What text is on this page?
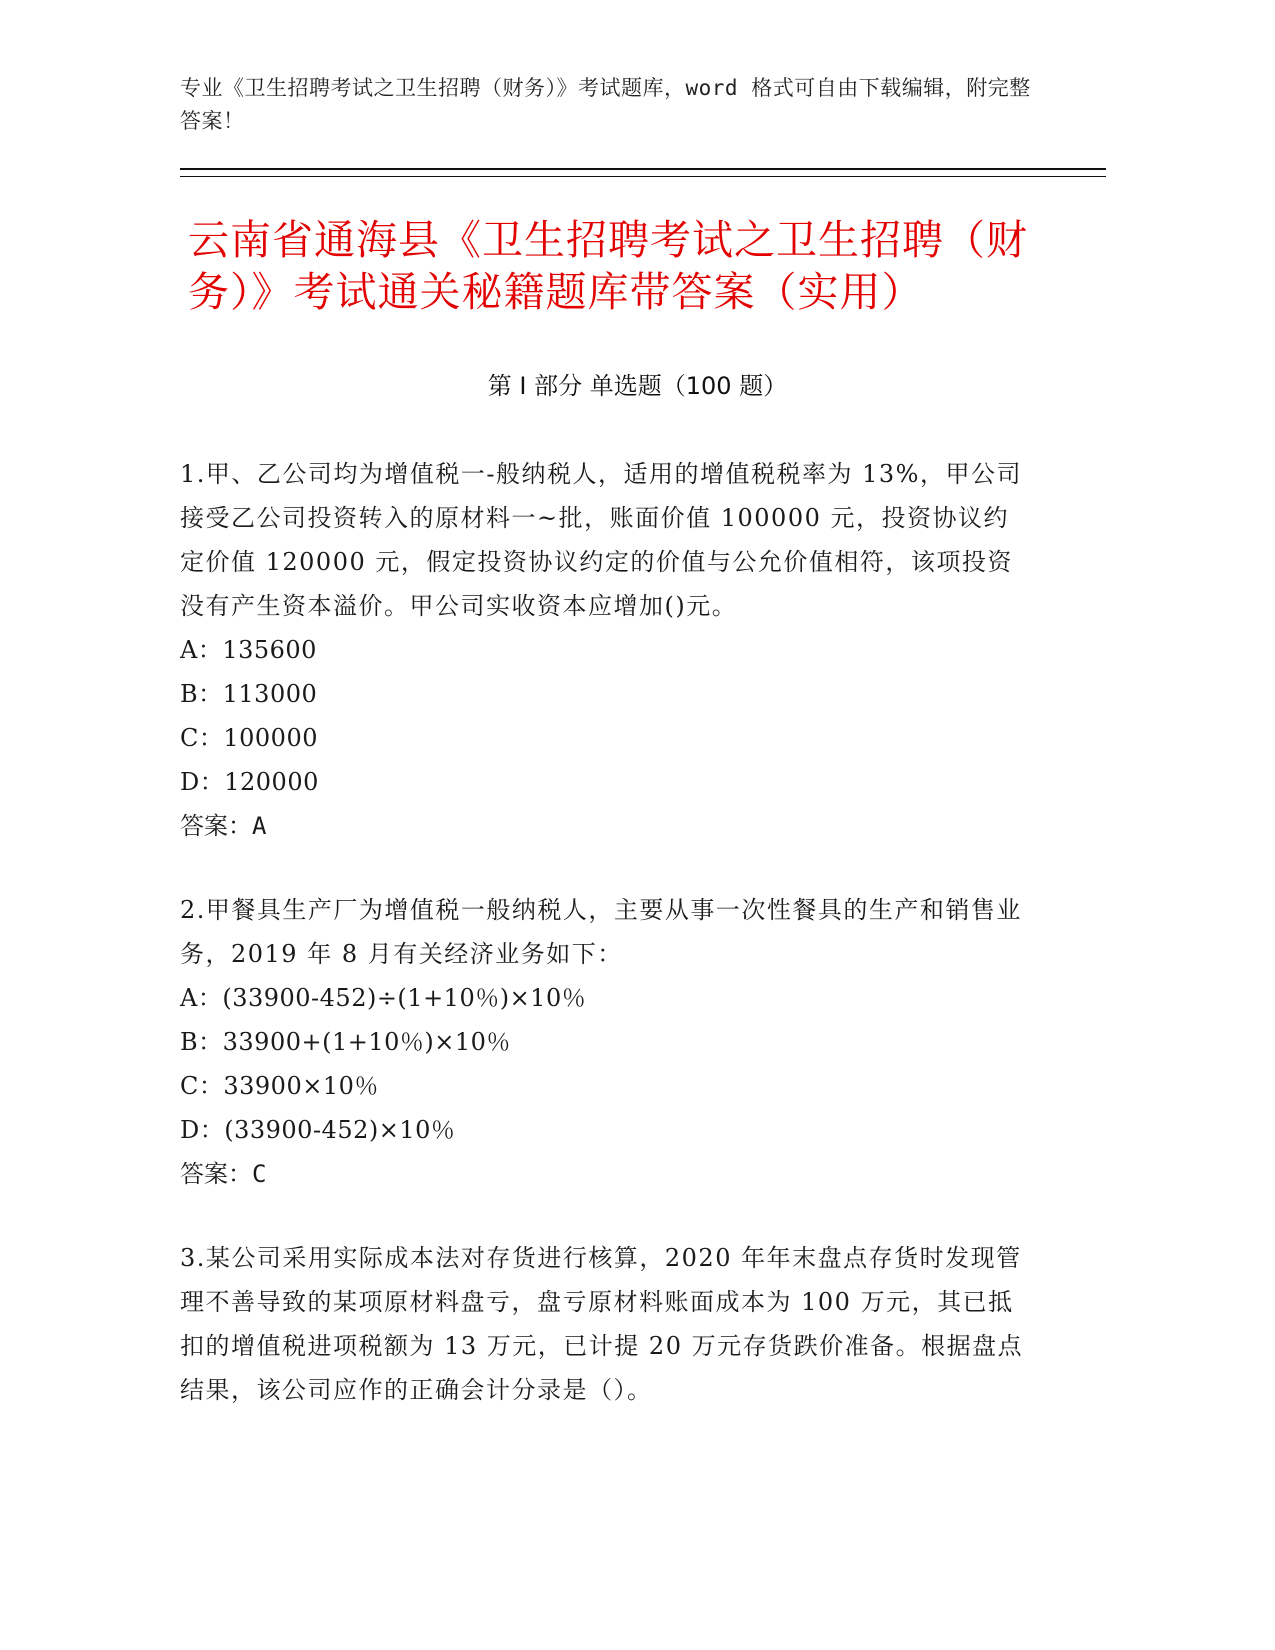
专业《卫生招聘考试之卫生招聘（财务）》考试题库，word 格式可自由下载编辑，附完整答案！
云南省通海县《卫生招聘考试之卫生招聘（财务）》考试通关秘籍题库带答案（实用）
第 I 部分 单选题（100 题）

1.甲、乙公司均为增值税一-般纳税人，适用的增值税税率为 13%，甲公司接受乙公司投资转入的原材料一~批，账面价值 100000 元，投资协议约定价值 120000 元，假定投资协议约定的价值与公允价值相符，该项投资没有产生资本溢价。甲公司实收资本应增加()元。

A：135600

B：113000

C：100000

D：120000

答案：A

2.甲餐具生产厂为增值税一般纳税人，主要从事一次性餐具的生产和销售业务，2019 年 8 月有关经济业务如下：

A：(33900-452)÷(1+10％)×10％

B：33900+(1+10％)×10％

C：33900×10％

D：(33900-452)×10％

答案：C

3.某公司采用实际成本法对存货进行核算，2020 年年末盘点存货时发现管理不善导致的某项原材料盘亏，盘亏原材料账面成本为 100 万元，其已抵扣的增值税进项税额为 13 万元，已计提 20 万元存货跌价准备。根据盘点结果，该公司应作的正确会计分录是（）。
